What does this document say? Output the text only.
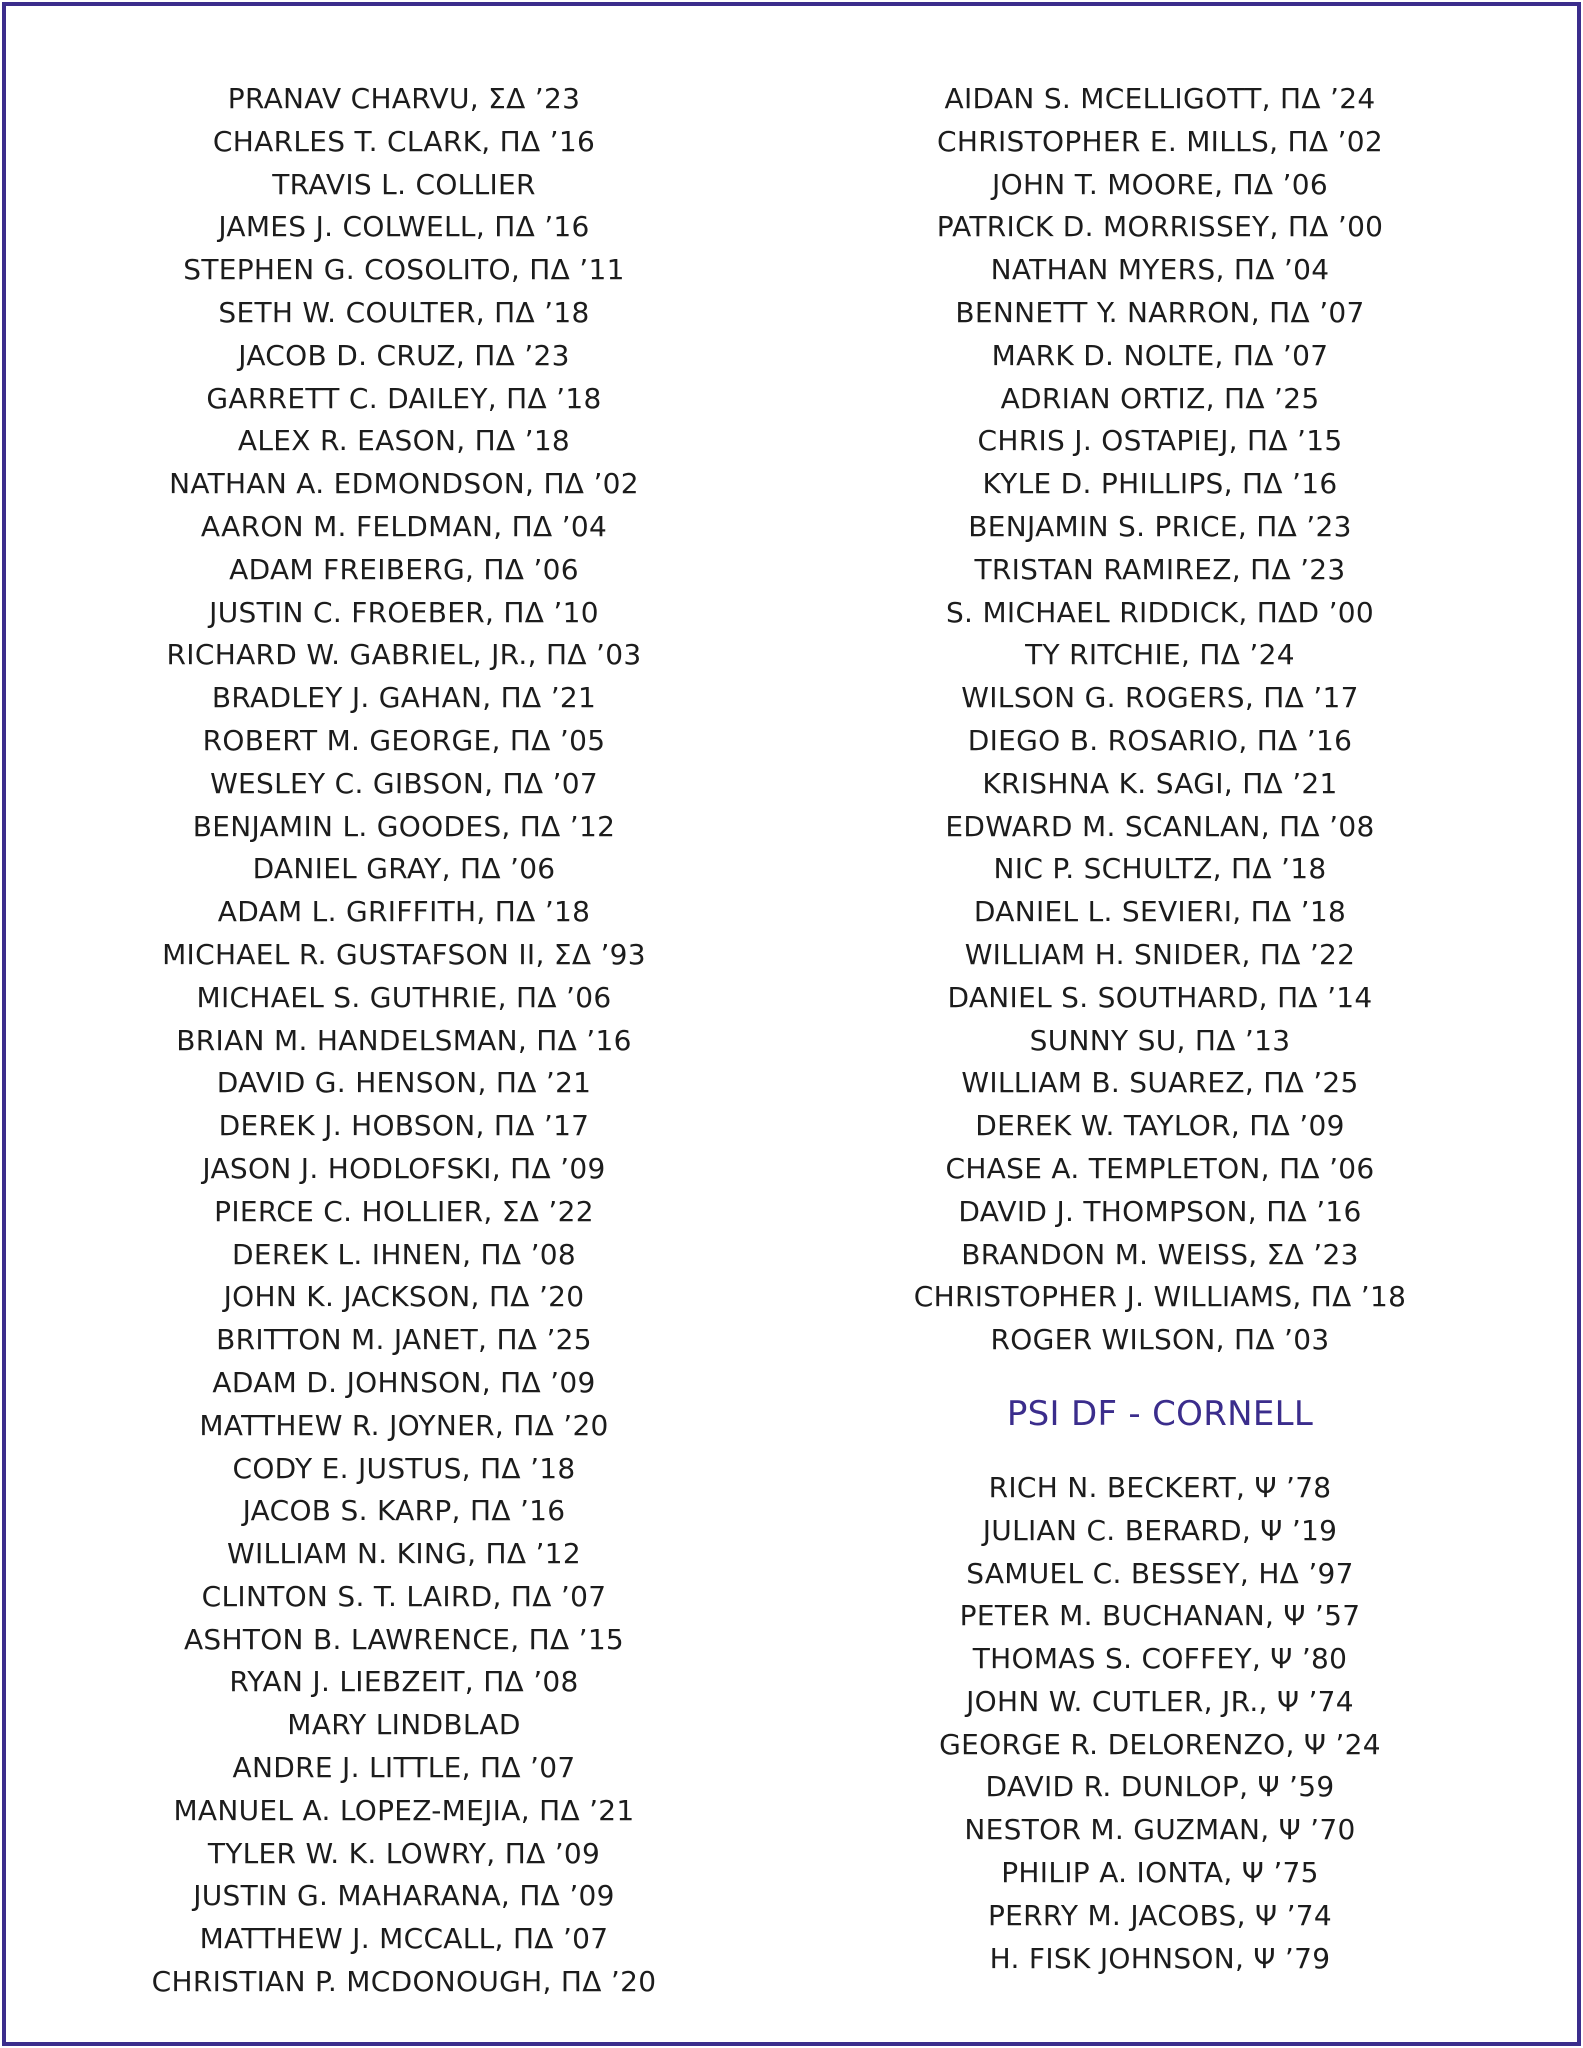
PRANAV CHARVU, ΣΔ ’23
CHARLES T. CLARK, ΠΔ ’16
TRAVIS L. COLLIER
JAMES J. COLWELL, ΠΔ ’16
STEPHEN G. COSOLITO, ΠΔ ’11
SETH W. COULTER, ΠΔ ’18
JACOB D. CRUZ, ΠΔ ’23
GARRETT C. DAILEY, ΠΔ ’18
ALEX R. EASON, ΠΔ ’18
NATHAN A. EDMONDSON, ΠΔ ’02
AARON M. FELDMAN, ΠΔ ’04
ADAM FREIBERG, ΠΔ ’06
JUSTIN C. FROEBER, ΠΔ ’10
RICHARD W. GABRIEL, JR., ΠΔ ’03
BRADLEY J. GAHAN, ΠΔ ’21
ROBERT M. GEORGE, ΠΔ ’05
WESLEY C. GIBSON, ΠΔ ’07
BENJAMIN L. GOODES, ΠΔ ’12
DANIEL GRAY, ΠΔ ’06
ADAM L. GRIFFITH, ΠΔ ’18
MICHAEL R. GUSTAFSON II, ΣΔ ’93
MICHAEL S. GUTHRIE, ΠΔ ’06
BRIAN M. HANDELSMAN, ΠΔ ’16
DAVID G. HENSON, ΠΔ ’21
DEREK J. HOBSON, ΠΔ ’17
JASON J. HODLOFSKI, ΠΔ ’09
PIERCE C. HOLLIER, ΣΔ ’22
DEREK L. IHNEN, ΠΔ ’08
JOHN K. JACKSON, ΠΔ ’20
BRITTON M. JANET, ΠΔ ’25
ADAM D. JOHNSON, ΠΔ ’09
MATTHEW R. JOYNER, ΠΔ ’20
CODY E. JUSTUS, ΠΔ ’18
JACOB S. KARP, ΠΔ ’16
WILLIAM N. KING, ΠΔ ’12
CLINTON S. T. LAIRD, ΠΔ ’07
ASHTON B. LAWRENCE, ΠΔ ’15
RYAN J. LIEBZEIT, ΠΔ ’08
MARY LINDBLAD
ANDRE J. LITTLE, ΠΔ ’07
MANUEL A. LOPEZ-MEJIA, ΠΔ ’21
TYLER W. K. LOWRY, ΠΔ ’09
JUSTIN G. MAHARANA, ΠΔ ’09
MATTHEW J. MCCALL, ΠΔ ’07
CHRISTIAN P. MCDONOUGH, ΠΔ ’20
AIDAN S. MCELLIGOTT, ΠΔ ’24
CHRISTOPHER E. MILLS, ΠΔ ’02
JOHN T. MOORE, ΠΔ ’06
PATRICK D. MORRISSEY, ΠΔ ’00
NATHAN MYERS, ΠΔ ’04
BENNETT Y. NARRON, ΠΔ ’07
MARK D. NOLTE, ΠΔ ’07
ADRIAN ORTIZ, ΠΔ ’25
CHRIS J. OSTAPIEJ, ΠΔ ’15
KYLE D. PHILLIPS, ΠΔ ’16
BENJAMIN S. PRICE, ΠΔ ’23
TRISTAN RAMIREZ, ΠΔ ’23
S. MICHAEL RIDDICK, ΠΔD ’00
TY RITCHIE, ΠΔ ’24
WILSON G. ROGERS, ΠΔ ’17
DIEGO B. ROSARIO, ΠΔ ’16
KRISHNA K. SAGI, ΠΔ ’21
EDWARD M. SCANLAN, ΠΔ ’08
NIC P. SCHULTZ, ΠΔ ’18
DANIEL L. SEVIERI, ΠΔ ’18
WILLIAM H. SNIDER, ΠΔ ’22
DANIEL S. SOUTHARD, ΠΔ ’14
SUNNY SU, ΠΔ ’13
WILLIAM B. SUAREZ, ΠΔ ’25
DEREK W. TAYLOR, ΠΔ ’09
CHASE A. TEMPLETON, ΠΔ ’06
DAVID J. THOMPSON, ΠΔ ’16
BRANDON M. WEISS, ΣΔ ’23
CHRISTOPHER J. WILLIAMS, ΠΔ ’18
ROGER WILSON, ΠΔ ’03
PSI DF - CORNELL
RICH N. BECKERT, Ψ ’78
JULIAN C. BERARD, Ψ ’19
SAMUEL C. BESSEY, HΔ ’97
PETER M. BUCHANAN, Ψ ’57
THOMAS S. COFFEY, Ψ ’80
JOHN W. CUTLER, JR., Ψ ’74
GEORGE R. DELORENZO, Ψ ’24
DAVID R. DUNLOP, Ψ ’59
NESTOR M. GUZMAN, Ψ ’70
PHILIP A. IONTA, Ψ ’75
PERRY M. JACOBS, Ψ ’74
H. FISK JOHNSON, Ψ ’79
